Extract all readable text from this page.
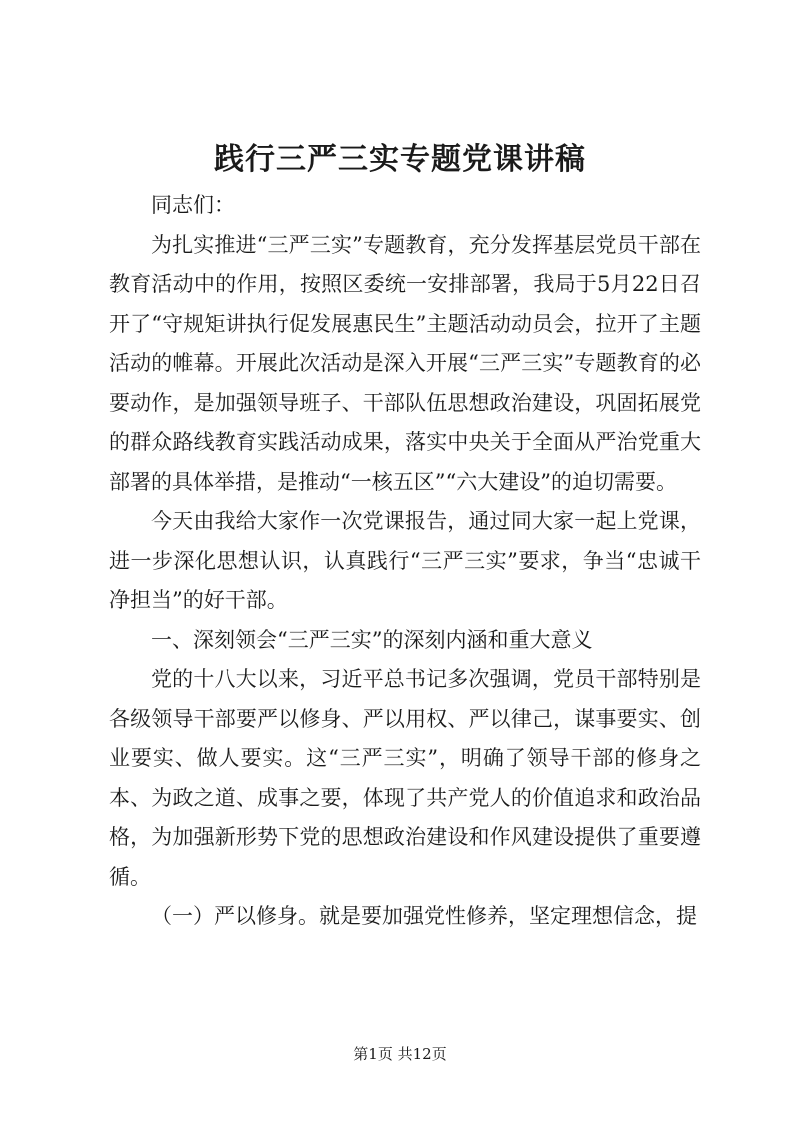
践行三严三实专题党课讲稿

同志们：

为扎实推进“三严三实”专题教育，充分发挥基层党员干部在教育活动中的作用，按照区委统一安排部署，我局于5月22日召开了“守规矩讲执行促发展惠民生”主题活动动员会，拉开了主题活动的帷幕。开展此次活动是深入开展“三严三实”专题教育的必要动作，是加强领导班子、干部队伍思想政治建设，巩固拓展党的群众路线教育实践活动成果，落实中央关于全面从严治党重大部署的具体举措，是推动“一核五区”“六大建设”的迫切需要。

今天由我给大家作一次党课报告，通过同大家一起上党课，进一步深化思想认识，认真践行“三严三实”要求，争当“忠诚干净担当”的好干部。

一、深刻领会“三严三实”的深刻内涵和重大意义

党的十八大以来，习近平总书记多次强调，党员干部特别是各级领导干部要严以修身、严以用权、严以律己，谋事要实、创业要实、做人要实。这“三严三实”，明确了领导干部的修身之本、为政之道、成事之要，体现了共产党人的价值追求和政治品格，为加强新形势下党的思想政治建设和作风建设提供了重要遵循。

（一）严以修身。就是要加强党性修养，坚定理想信念，提

第1页 共12页
